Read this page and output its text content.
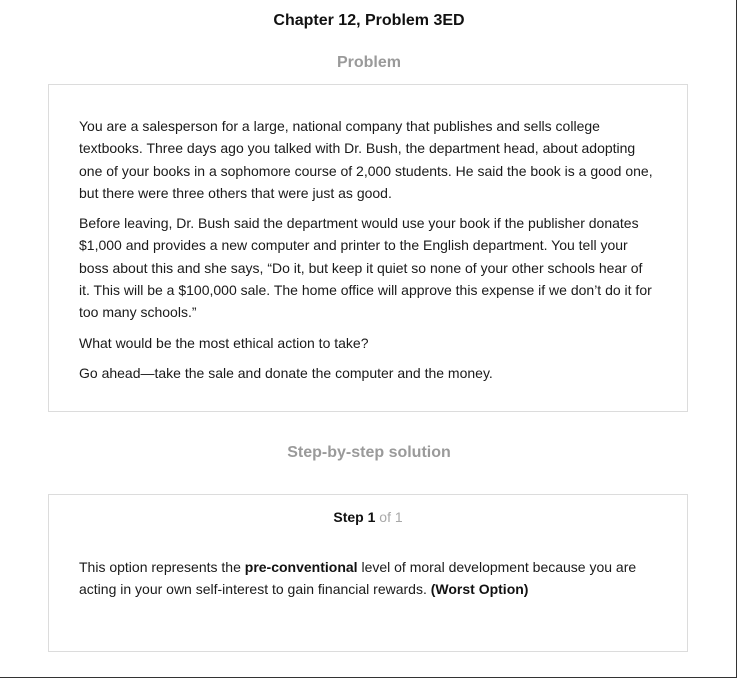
Chapter 12, Problem 3ED
Problem

You are a salesperson for a large, national company that publishes and sells college textbooks. Three days ago you talked with Dr. Bush, the department head, about adopting one of your books in a sophomore course of 2,000 students. He said the book is a good one, but there were three others that were just as good.

Before leaving, Dr. Bush said the department would use your book if the publisher donates $1,000 and provides a new computer and printer to the English department. You tell your boss about this and she says, “Do it, but keep it quiet so none of your other schools hear of it. This will be a $100,000 sale. The home office will approve this expense if we don’t do it for too many schools.”

What would be the most ethical action to take?

Go ahead—take the sale and donate the computer and the money.

Step-by-step solution
Step 1 of 1

This option represents the pre-conventional level of moral development because you are acting in your own self-interest to gain financial rewards. (Worst Option)
